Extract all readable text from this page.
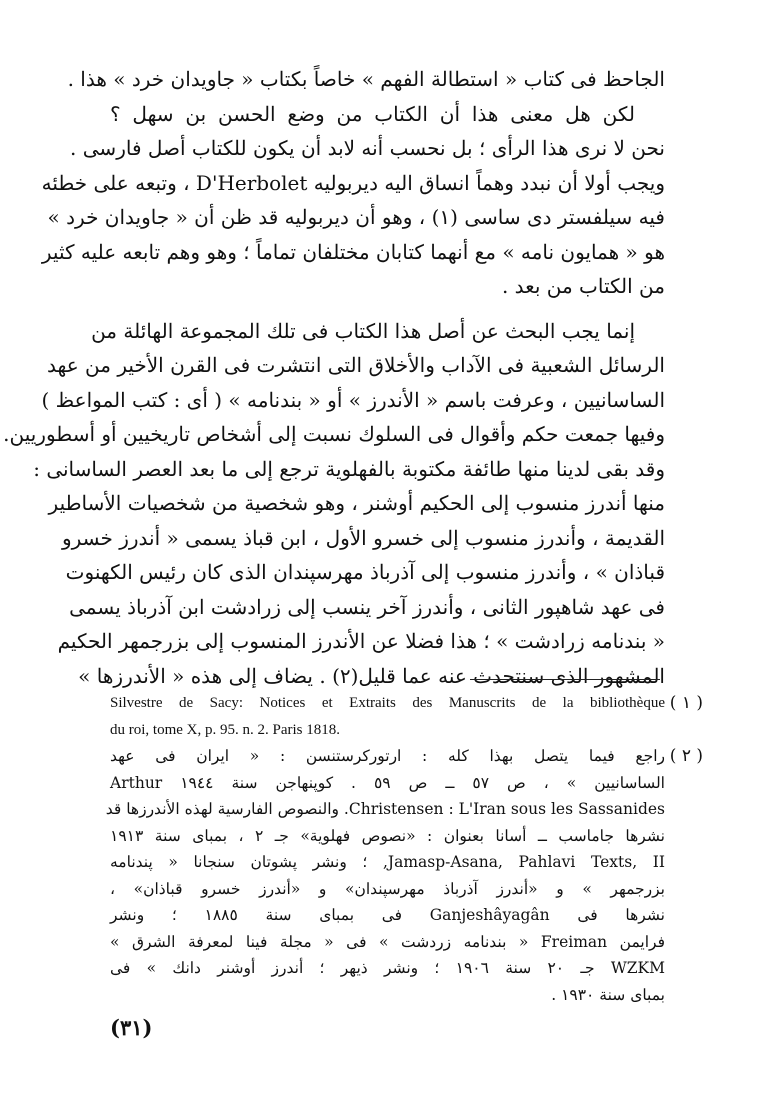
الجاحظ فى كتاب « استطالة الفهم » خاصاً بكتاب « جاويدان خرد » هذا .
لكن هل معنى هذا أن الكتاب من وضع الحسن بن سهل ؟
نحن لا نرى هذا الرأى ؛ بل نحسب أنه لابد أن يكون للكتاب أصل فارسى .
ويجب أولا أن نبدد وهماً انساق اليه ديربوليه D'Herbolet ، وتبعه على خطئه
فيه سيلفستر دى ساسى (١) ، وهو أن ديربوليه قد ظن أن « جاويدان خرد »
هو « همايون نامه » مع أنهما كتابان مختلفان تماماً ؛ وهو وهم تابعه عليه كثير
من الكتاب من بعد .
إنما يجب البحث عن أصل هذا الكتاب فى تلك المجموعة الهائلة من
الرسائل الشعبية فى الآداب والأخلاق التى انتشرت فى القرن الأخير من عهد
الساسانيين ، وعرفت باسم « الأندرز » أو « بندنامه » ( أى : كتب المواعظ )
وفيها جمعت حكم وأقوال فى السلوك نسبت إلى أشخاص تاريخيين أو أسطوريين.
وقد بقى لدينا منها طائفة مكتوبة بالفهلوية ترجع إلى ما بعد العصر الساسانى :
منها أندرز منسوب إلى الحكيم أوشنر ، وهو شخصية من شخصيات الأساطير
القديمة ، وأندرز منسوب إلى خسرو الأول ، ابن قباذ يسمى « أندرز خسرو
قباذان » ، وأندرز منسوب إلى آذرباذ مهرسپندان الذى كان رئيس الكهنوت
فى عهد شاهپور الثانى ، وأندرز آخر ينسب إلى زرادشت ابن آذرباذ يسمى
« بندنامه زرادشت » ؛ هذا فضلا عن الأندرز المنسوب إلى بزرجمهر الحكيم
المشهور الذى سنتحدث عنه عما قليل(٢) . يضاف إلى هذه « الأندرزها »
( ١ )
Silvestre de Sacy: Notices et Extraits des Manuscrits de la bibliothèque
du roi, tome X, p. 95. n. 2. Paris 1818.
( ٢ )
راجع فيما يتصل بهذا كله : ارتوركرستنسن : « ايران فى عهد
الساسانيين » ، ص ٥٧ ــ ص ٥٩ . كوپنهاجن سنة ١٩٤٤ Arthur
Christensen : L'Iran sous les Sassanides. والنصوص الفارسية لهذه الأندرزها قد
نشرها جاماسب ــ أسانا بعنوان : «نصوص فهلوية» جـ ٢ ، بمباى سنة ١٩١٣
Jamasp-Asana, Pahlavi Texts, II, ؛ ونشر پشوتان سنجانا « پندنامه
بزرجمهر » و «أندرز آذرباذ مهرسپندان» و «أندرز خسرو قباذان» ،
نشرها فى Ganjeshâyagân فى بمباى سنة ١٨٨٥ ؛ ونشر
فرايمن Freiman « بندنامه زردشت » فى « مجلة فينا لمعرفة الشرق »
WZKM جـ ٢٠ سنة ١٩٠٦ ؛ ونشر ذيهر ؛ أندرز أوشنر دانك » فى
بمباى سنة ١٩٣٠ .
(٣١)
